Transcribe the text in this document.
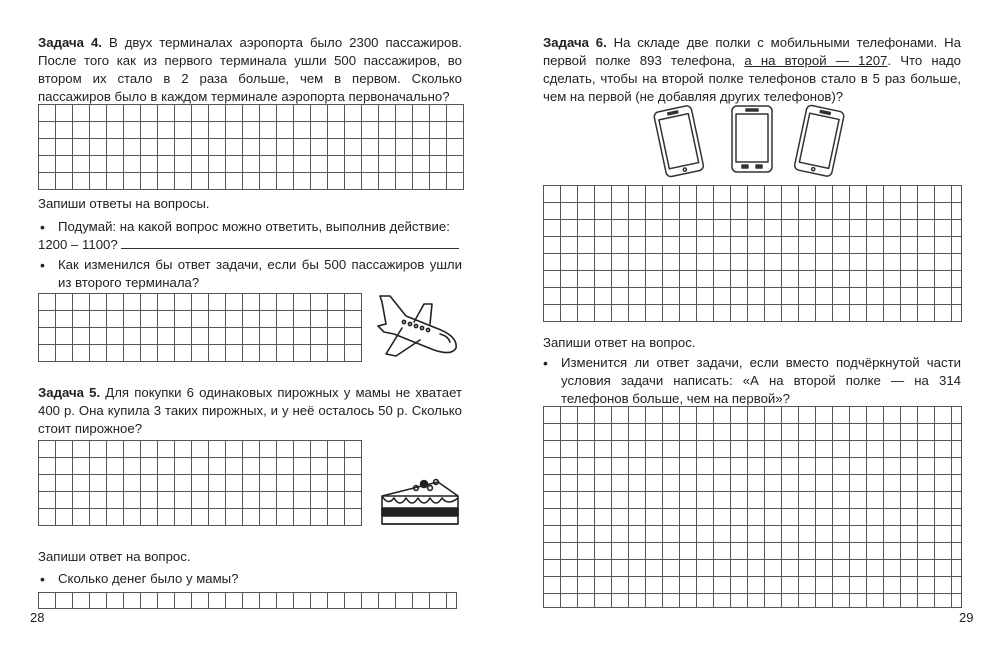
Задача 4. В двух терминалах аэропорта было 2300 пассажиров. После того как из первого терминала ушли 500 пассажиров, во втором их стало в 2 раза больше, чем в первом. Сколько пассажиров было в каждом терминале аэропорта первоначально?
Запиши ответы на вопросы.
• Подумай: на какой вопрос можно ответить, выполнив действие:
1200 – 1100?
• Как изменился бы ответ задачи, если бы 500 пассажиров ушли из второго терминала?
Задача 5. Для покупки 6 одинаковых пирожных у мамы не хватает 400 р. Она купила 3 таких пирожных, и у неё осталось 50 р. Сколько стоит пирожное?
Запиши ответ на вопрос.
• Сколько денег было у мамы?
28
Задача 6. На складе две полки с мобильными телефонами. На первой полке 893 телефона, а на второй — 1207. Что надо сделать, чтобы на второй полке телефонов стало в 5 раз больше, чем на первой (не добавляя других телефонов)?
Запиши ответ на вопрос.
• Изменится ли ответ задачи, если вместо подчёркнутой части условия задачи написать: «А на второй полке — на 314 телефонов больше, чем на первой»?
29
